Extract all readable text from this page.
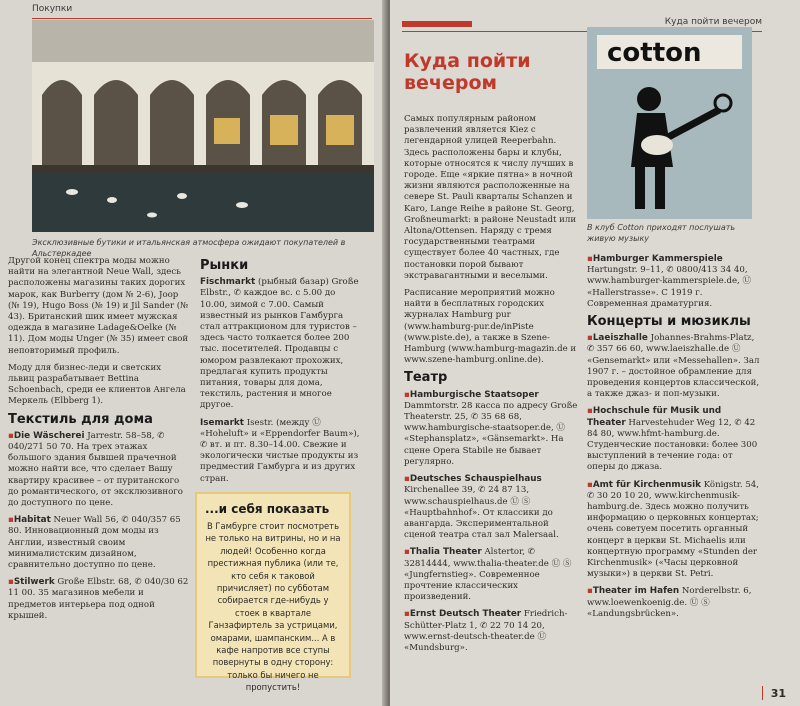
Покупки
Эксклюзивные бутики и итальянская атмосфера ожидают покупателей в Альстеркадее

Другой конец спектра моды можно найти на элегантной Neue Wall, здесь расположены магазины таких дорогих марок, как Burberry (дом № 2-6), Joop (№ 19), Hugo Boss (№ 19) и Jil Sander (№ 43). Британский шик имеет мужская одежда в магазине Ladage&Oelke (№ 11). Дом моды Unger (№ 35) имеет свой неповторимый профиль.

Моду для бизнес-леди и светских львиц разрабатывает Bettina Schoenbach, среди ее клиентов Ангела Меркель (Elbberg 1).

Текстиль для дома
▪Die Wäscherei Jarrestr. 58–58, ✆ 040/271 50 70. На трех этажах большого здания бывшей прачечной можно найти все, что сделает Вашу квартиру красивее – от пуританского до романтического, от эксклюзивного до доступного по цене.
▪Habitat Neuer Wall 56, ✆ 040/357 65 80. Инновационный дом моды из Англии, известный своим минималистским дизайном, сравнительно доступно по цене.
▪Stilwerk Große Elbstr. 68, ✆ 040/30 62 11 00. 35 магазинов мебели и предметов интерьера под одной крышей.
Рынки
Fischmarkt (рыбный базар) Große Elbstr., ✆ каждое вс. с 5.00 до 10.00, зимой с 7.00. Самый известный из рынков Гамбурга стал аттракционом для туристов – здесь часто толкается более 200 тыс. посетителей. Продавцы с юмором развлекают прохожих, предлагая купить продукты питания, товары для дома, текстиль, растения и многое другое.
Isemarkt Isestr. (между Ⓤ «Hoheluft» и «Eppendorfer Baum»), ✆ вт. и пт. 8.30–14.00. Свежие и экологически чистые продукты из предместий Гамбурга и из других стран.
...и себя показать
В Гамбурге стоит посмотреть не только на витрины, но и на людей! Особенно когда престижная публика (или те, кто себя к таковой причисляет) по субботам собирается где-нибудь у стоек в квартале Ганзафиртель за устрицами, омарами, шампанским... А в кафе напротив все ступы повернуты в одну сторону: только бы ничего не пропустить!
Куда пойти вечером
Куда пойти вечером

Самых популярным районом развлечений является Kiez с легендарной улицей Reeperbahn. Здесь расположены бары и клубы, которые относятся к числу лучших в городе. Еще «яркие пятна» в ночной жизни являются расположенные на севере St. Pauli кварталы Schanzen и Karo, Lange Reihe в районе St. Georg, Großneumarkt: в районе Neustadt или Altona/Ottensen. Наряду с тремя государственными театрами существует более 40 частных, где постановки порой бывают экстравагантными и веселыми.

Расписание мероприятий можно найти в бесплатных городских журналах Hamburg pur (www.hamburg-pur.de/inPiste (www.piste.de), а также в Szene-Hamburg (www.hamburg-magazin.de и www.szene-hamburg.online.de).

Театр
▪Hamburgische Staatsoper Dammtorstr. 28 касса по адресу Große Theaterstr. 25, ✆ 35 68 68, www.hamburgische-staatsoper.de, Ⓤ «Stephansplatz», «Gänsemarkt». На сцене Opera Stabile не бывает регулярно.
▪Deutsches Schauspielhaus Kirchenallee 39, ✆ 24 87 13, www.schauspielhaus.de Ⓤ Ⓢ «Hauptbahnhof». От классики до авангарда. Экспериментальной сценой театра стал зал Malersaal.
▪Thalia Theater Alstertor, ✆ 32814444, www.thalia-theater.de Ⓤ Ⓢ «Jungfernstieg». Современное прочтение классических произведений.
▪Ernst Deutsch Theater Friedrich-Schütter-Platz 1, ✆ 22 70 14 20, www.ernst-deutsch-theater.de Ⓤ «Mundsburg».
cotton
В клуб Cotton приходят послушать живую музыку
▪Hamburger Kammerspiele Hartungstr. 9–11, ✆ 0800/413 34 40, www.hamburger-kammerspiele.de, Ⓤ «Hallerstrasse». С 1919 г. Современная драматургия.
Концерты и мюзиклы
▪Laeiszhalle Johannes-Brahms-Platz, ✆ 357 66 60, www.laeiszhalle.de Ⓤ «Gensemarkt» или «Messehallen». Зал 1907 г. – достойное обрамление для проведения концертов классической, а также джаз- и поп-музыки.
▪Hochschule für Musik und Theater Harvestehuder Weg 12, ✆ 42 84 80, www.hfmt-hamburg.de. Студенческие постановки: более 300 выступлений в течение года: от оперы до джаза.
▪Amt für Kirchenmusik Königstr. 54, ✆ 30 20 10 20, www.kirchenmusik-hamburg.de. Здесь можно получить информацию о церковных концертах; очень советуем посетить органный концерт в церкви St. Michaelis или концертную программу «Stunden der Kirchenmusik» («Часы церковной музыки») в церкви St. Petri.
▪Theater im Hafen Norderelbstr. 6, www.loewenkoenig.de. Ⓤ Ⓢ «Landungsbrücken».
31
